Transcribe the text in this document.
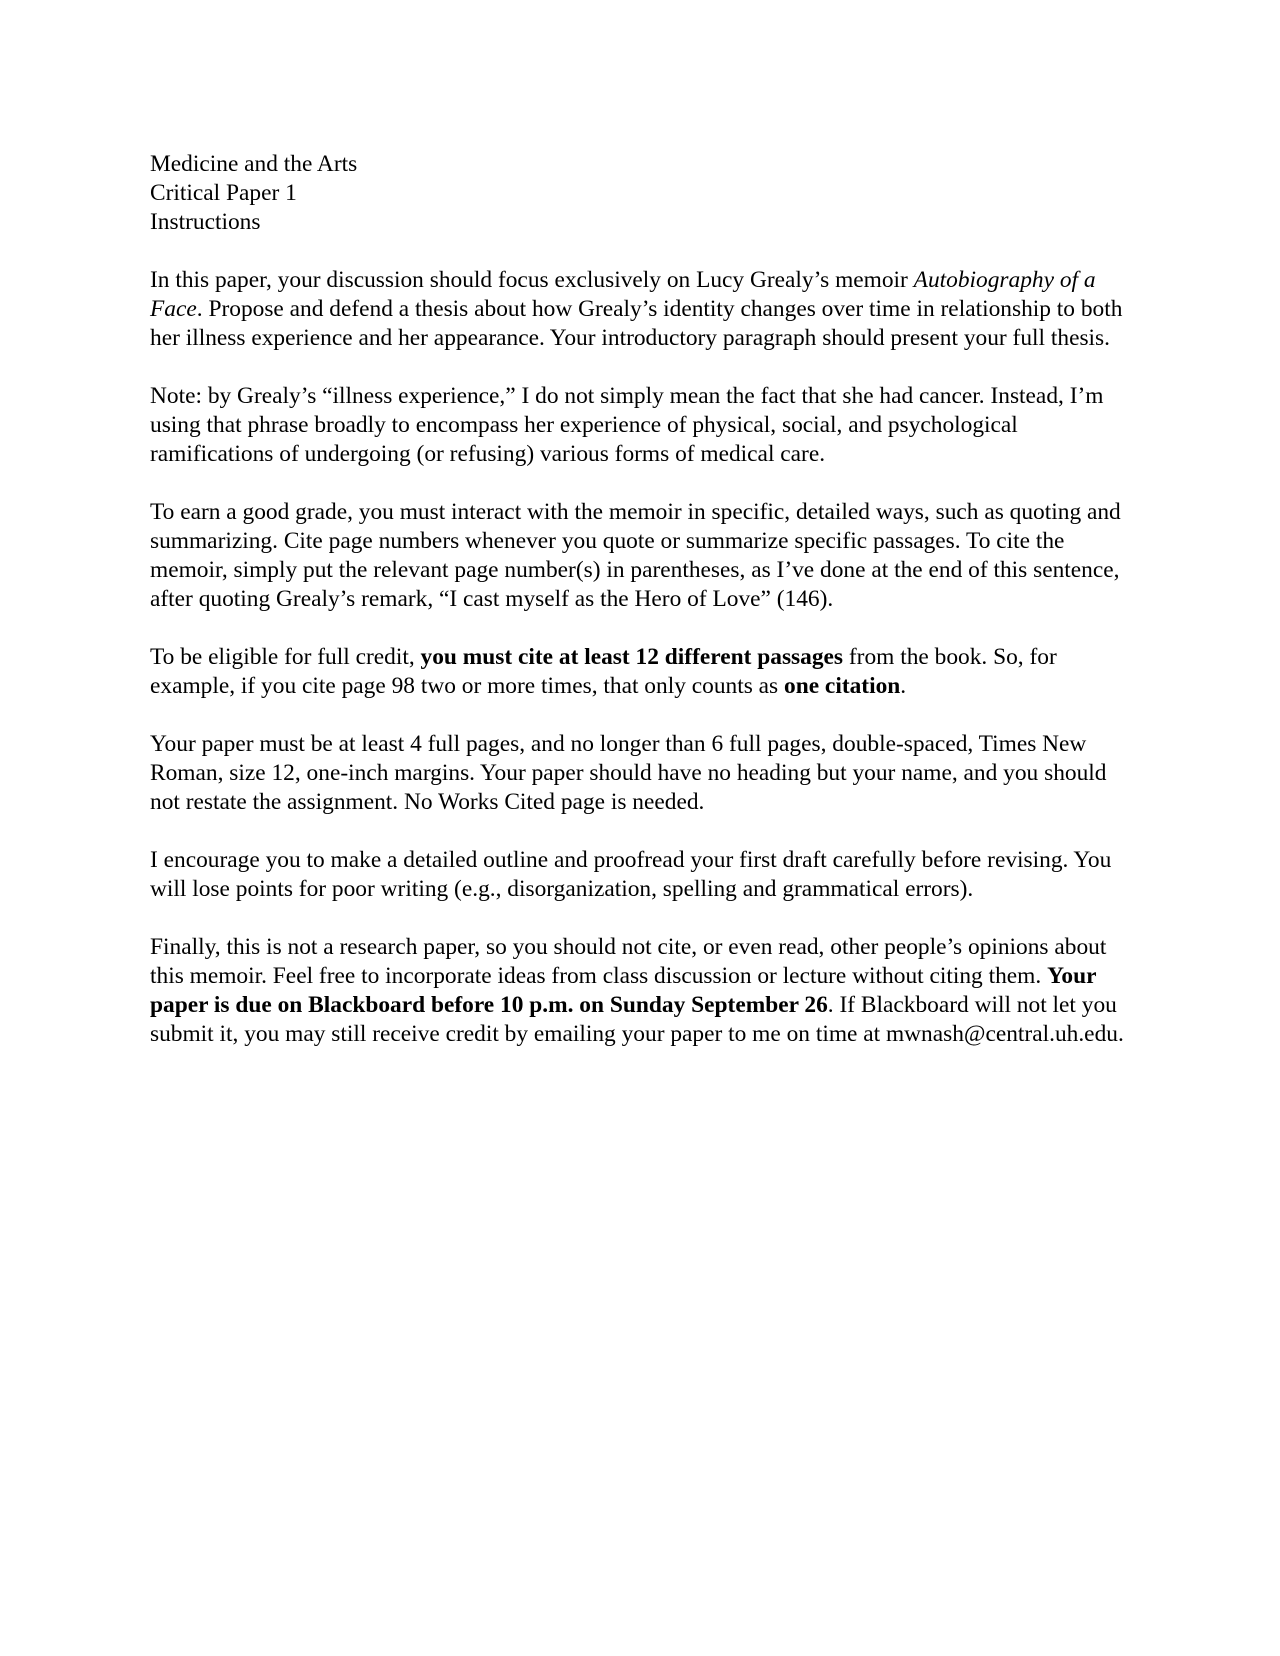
Medicine and the Arts
Critical Paper 1
Instructions

In this paper, your discussion should focus exclusively on Lucy Grealy’s memoir Autobiography of a Face. Propose and defend a thesis about how Grealy’s identity changes over time in relationship to both her illness experience and her appearance. Your introductory paragraph should present your full thesis.

Note: by Grealy’s “illness experience,” I do not simply mean the fact that she had cancer. Instead, I’m using that phrase broadly to encompass her experience of physical, social, and psychological ramifications of undergoing (or refusing) various forms of medical care.

To earn a good grade, you must interact with the memoir in specific, detailed ways, such as quoting and summarizing. Cite page numbers whenever you quote or summarize specific passages. To cite the memoir, simply put the relevant page number(s) in parentheses, as I’ve done at the end of this sentence, after quoting Grealy’s remark, “I cast myself as the Hero of Love” (146).

To be eligible for full credit, you must cite at least 12 different passages from the book. So, for example, if you cite page 98 two or more times, that only counts as one citation.

Your paper must be at least 4 full pages, and no longer than 6 full pages, double-spaced, Times New Roman, size 12, one-inch margins. Your paper should have no heading but your name, and you should not restate the assignment. No Works Cited page is needed.

I encourage you to make a detailed outline and proofread your first draft carefully before revising. You will lose points for poor writing (e.g., disorganization, spelling and grammatical errors).

Finally, this is not a research paper, so you should not cite, or even read, other people’s opinions about this memoir. Feel free to incorporate ideas from class discussion or lecture without citing them. Your paper is due on Blackboard before 10 p.m. on Sunday September 26. If Blackboard will not let you submit it, you may still receive credit by emailing your paper to me on time at mwnash@central.uh.edu.
